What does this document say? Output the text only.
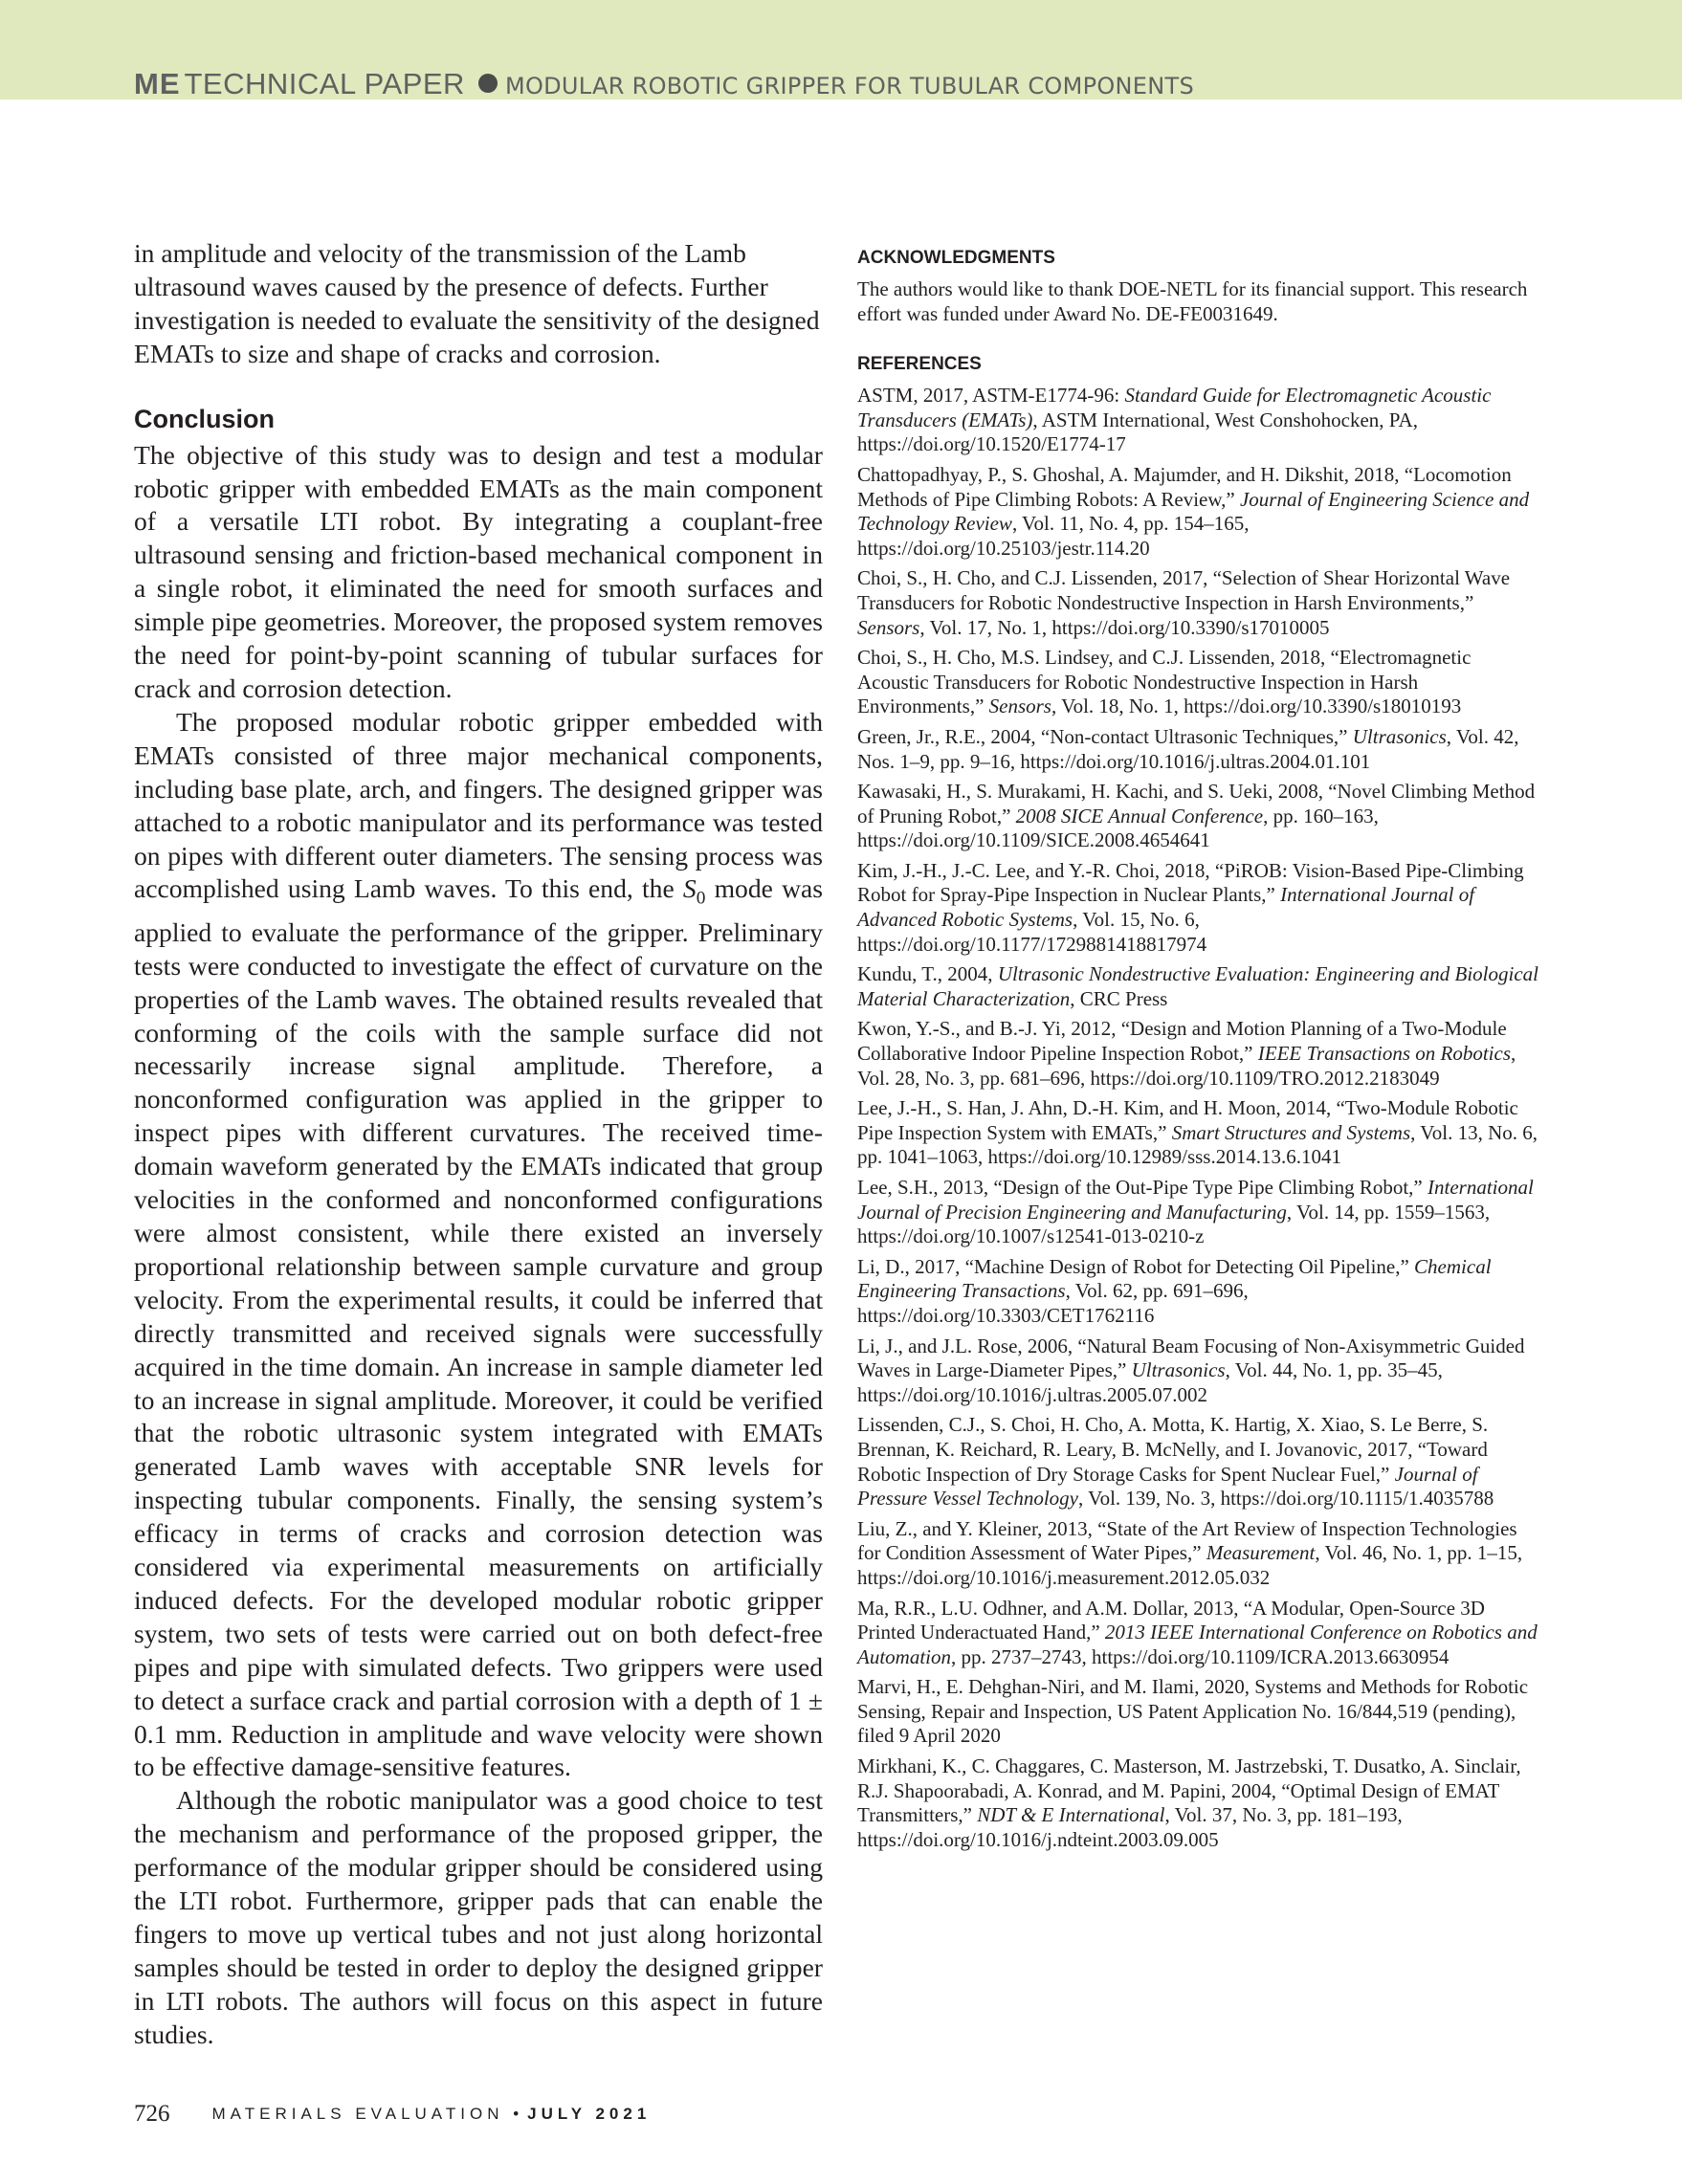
ME TECHNICAL PAPER MODULAR ROBOTIC GRIPPER FOR TUBULAR COMPONENTS

in amplitude and velocity of the transmission of the Lamb ultrasound waves caused by the presence of defects. Further investigation is needed to evaluate the sensitivity of the designed EMATs to size and shape of cracks and corrosion.

Conclusion

The objective of this study was to design and test a modular robotic gripper with embedded EMATs as the main component of a versatile LTI robot. By integrating a couplant-free ultrasound sensing and friction-based mechanical component in a single robot, it eliminated the need for smooth surfaces and simple pipe geometries. Moreover, the proposed system removes the need for point-by-point scanning of tubular surfaces for crack and corrosion detection.

The proposed modular robotic gripper embedded with EMATs consisted of three major mechanical components, including base plate, arch, and fingers. The designed gripper was attached to a robotic manipulator and its performance was tested on pipes with different outer diameters. The sensing process was accomplished using Lamb waves. To this end, the $S_0$ mode was applied to evaluate the performance of the gripper. Preliminary tests were conducted to investigate the effect of curvature on the properties of the Lamb waves. The obtained results revealed that conforming of the coils with the sample surface did not necessarily increase signal amplitude. Therefore, a nonconformed configuration was applied in the gripper to inspect pipes with different curvatures. The received time-domain waveform generated by the EMATs indicated that group velocities in the conformed and nonconformed configurations were almost consistent, while there existed an inversely proportional relationship between sample curvature and group velocity. From the experimental results, it could be inferred that directly transmitted and received signals were successfully acquired in the time domain. An increase in sample diameter led to an increase in signal amplitude. Moreover, it could be verified that the robotic ultrasonic system integrated with EMATs generated Lamb waves with acceptable SNR levels for inspecting tubular components. Finally, the sensing system’s efficacy in terms of cracks and corrosion detection was considered via experimental measurements on artificially induced defects. For the developed modular robotic gripper system, two sets of tests were carried out on both defect-free pipes and pipe with simulated defects. Two grippers were used to detect a surface crack and partial corrosion with a depth of 1 ± 0.1 mm. Reduction in amplitude and wave velocity were shown to be effective damage-sensitive features.

Although the robotic manipulator was a good choice to test the mechanism and performance of the proposed gripper, the performance of the modular gripper should be considered using the LTI robot. Furthermore, gripper pads that can enable the fingers to move up vertical tubes and not just along horizontal samples should be tested in order to deploy the designed gripper in LTI robots. The authors will focus on this aspect in future studies.

ACKNOWLEDGMENTS

The authors would like to thank DOE-NETL for its financial support. This research effort was funded under Award No. DE-FE0031649.

REFERENCES

ASTM, 2017, ASTM-E1774-96: Standard Guide for Electromagnetic Acoustic Transducers (EMATs), ASTM International, West Conshohocken, PA, https://doi.org/10.1520/E1774-17

Chattopadhyay, P., S. Ghoshal, A. Majumder, and H. Dikshit, 2018, “Locomotion Methods of Pipe Climbing Robots: A Review,” Journal of Engineering Science and Technology Review, Vol. 11, No. 4, pp. 154–165, https://doi.org/10.25103/jestr.114.20

Choi, S., H. Cho, and C.J. Lissenden, 2017, “Selection of Shear Horizontal Wave Transducers for Robotic Nondestructive Inspection in Harsh Environments,” Sensors, Vol. 17, No. 1, https://doi.org/10.3390/s17010005

Choi, S., H. Cho, M.S. Lindsey, and C.J. Lissenden, 2018, “Electromagnetic Acoustic Transducers for Robotic Nondestructive Inspection in Harsh Environments,” Sensors, Vol. 18, No. 1, https://doi.org/10.3390/s18010193

Green, Jr., R.E., 2004, “Non-contact Ultrasonic Techniques,” Ultrasonics, Vol. 42, Nos. 1–9, pp. 9–16, https://doi.org/10.1016/j.ultras.2004.01.101

Kawasaki, H., S. Murakami, H. Kachi, and S. Ueki, 2008, “Novel Climbing Method of Pruning Robot,” 2008 SICE Annual Conference, pp. 160–163, https://doi.org/10.1109/SICE.2008.4654641

Kim, J.-H., J.-C. Lee, and Y.-R. Choi, 2018, “PiROB: Vision-Based Pipe-Climbing Robot for Spray-Pipe Inspection in Nuclear Plants,” International Journal of Advanced Robotic Systems, Vol. 15, No. 6, https://doi.org/10.1177/1729881418817974

Kundu, T., 2004, Ultrasonic Nondestructive Evaluation: Engineering and Biological Material Characterization, CRC Press

Kwon, Y.-S., and B.-J. Yi, 2012, “Design and Motion Planning of a Two-Module Collaborative Indoor Pipeline Inspection Robot,” IEEE Transactions on Robotics, Vol. 28, No. 3, pp. 681–696, https://doi.org/10.1109/TRO.2012.2183049

Lee, J.-H., S. Han, J. Ahn, D.-H. Kim, and H. Moon, 2014, “Two-Module Robotic Pipe Inspection System with EMATs,” Smart Structures and Systems, Vol. 13, No. 6, pp. 1041–1063, https://doi.org/10.12989/sss.2014.13.6.1041

Lee, S.H., 2013, “Design of the Out-Pipe Type Pipe Climbing Robot,” International Journal of Precision Engineering and Manufacturing, Vol. 14, pp. 1559–1563, https://doi.org/10.1007/s12541-013-0210-z

Li, D., 2017, “Machine Design of Robot for Detecting Oil Pipeline,” Chemical Engineering Transactions, Vol. 62, pp. 691–696, https://doi.org/10.3303/CET1762116

Li, J., and J.L. Rose, 2006, “Natural Beam Focusing of Non-Axisymmetric Guided Waves in Large-Diameter Pipes,” Ultrasonics, Vol. 44, No. 1, pp. 35–45, https://doi.org/10.1016/j.ultras.2005.07.002

Lissenden, C.J., S. Choi, H. Cho, A. Motta, K. Hartig, X. Xiao, S. Le Berre, S. Brennan, K. Reichard, R. Leary, B. McNelly, and I. Jovanovic, 2017, “Toward Robotic Inspection of Dry Storage Casks for Spent Nuclear Fuel,” Journal of Pressure Vessel Technology, Vol. 139, No. 3, https://doi.org/10.1115/1.4035788

Liu, Z., and Y. Kleiner, 2013, “State of the Art Review of Inspection Technologies for Condition Assessment of Water Pipes,” Measurement, Vol. 46, No. 1, pp. 1–15, https://doi.org/10.1016/j.measurement.2012.05.032

Ma, R.R., L.U. Odhner, and A.M. Dollar, 2013, “A Modular, Open-Source 3D Printed Underactuated Hand,” 2013 IEEE International Conference on Robotics and Automation, pp. 2737–2743, https://doi.org/10.1109/ICRA.2013.6630954

Marvi, H., E. Dehghan-Niri, and M. Ilami, 2020, Systems and Methods for Robotic Sensing, Repair and Inspection, US Patent Application No. 16/844,519 (pending), filed 9 April 2020

Mirkhani, K., C. Chaggares, C. Masterson, M. Jastrzebski, T. Dusatko, A. Sinclair, R.J. Shapoorabadi, A. Konrad, and M. Papini, 2004, “Optimal Design of EMAT Transmitters,” NDT & E International, Vol. 37, No. 3, pp. 181–193, https://doi.org/10.1016/j.ndteint.2003.09.005

726	MATERIALS EVALUATION • JULY 2021
